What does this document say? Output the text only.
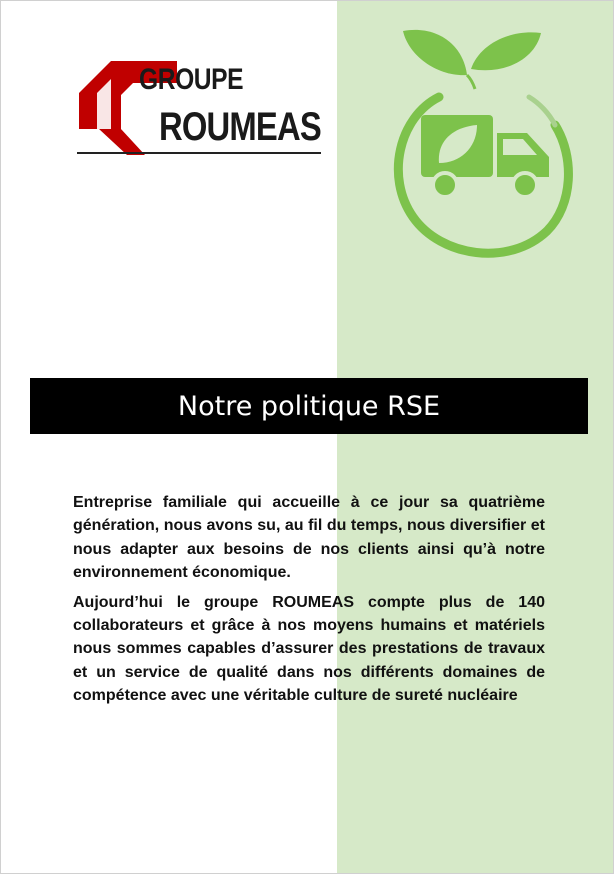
GROUPE
ROUMEAS
Notre politique RSE

Entreprise familiale qui accueille à ce jour sa quatrième génération, nous avons su, au fil du temps, nous diversifier et nous adapter aux besoins de nos clients ainsi qu’à notre environnement économique.

Aujourd’hui le groupe ROUMEAS compte plus de 140 collaborateurs et grâce à nos moyens humains et matériels nous sommes capables d’assurer des prestations de travaux et un service de qualité dans nos différents domaines de compétence avec une véritable culture de sureté nucléaire
